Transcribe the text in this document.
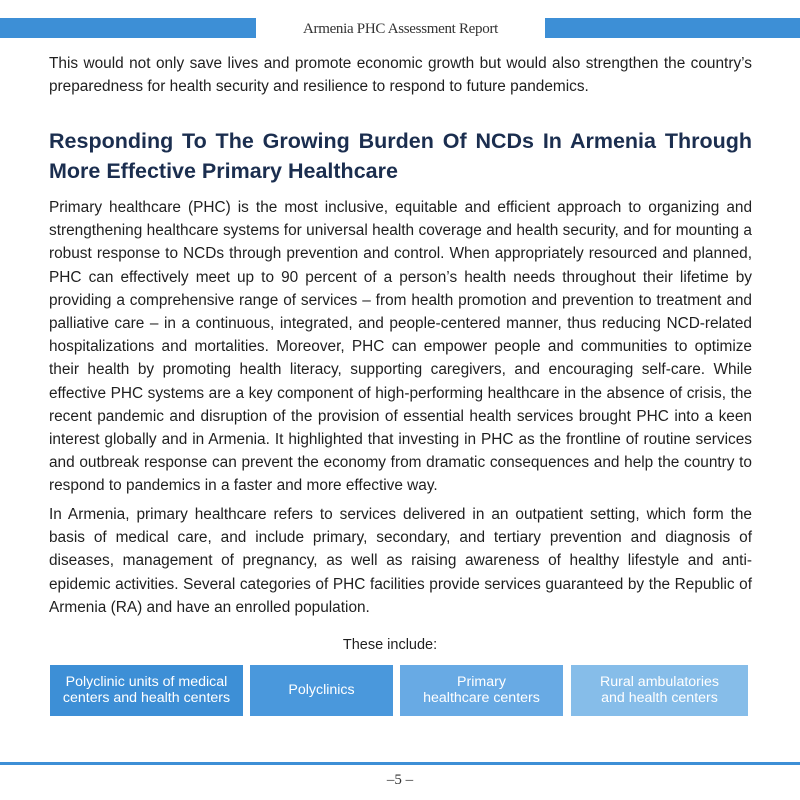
Armenia PHC Assessment Report

This would not only save lives and promote economic growth but would also strengthen the country’s preparedness for health security and resilience to respond to future pandemics.

Responding To The Growing Burden Of NCDs In Armenia Through More Effective Primary Healthcare

Primary healthcare (PHC) is the most inclusive, equitable and efficient approach to organizing and strengthening healthcare systems for universal health coverage and health security, and for mounting a robust response to NCDs through prevention and control. When appropriately resourced and planned, PHC can effectively meet up to 90 percent of a person’s health needs throughout their lifetime by providing a comprehensive range of services – from health promotion and prevention to treatment and palliative care – in a continuous, integrated, and people-centered manner, thus reducing NCD-related hospitalizations and mortalities. Moreover, PHC can empower people and communities to optimize their health by promoting health literacy, supporting caregivers, and encouraging self-care. While effective PHC systems are a key component of high-performing healthcare in the absence of crisis, the recent pandemic and disruption of the provision of essential health services brought PHC into a keen interest globally and in Armenia. It highlighted that investing in PHC as the frontline of routine services and outbreak response can prevent the economy from dramatic consequences and help the country to respond to pandemics in a faster and more effective way.

In Armenia, primary healthcare refers to services delivered in an outpatient setting, which form the basis of medical care, and include primary, secondary, and tertiary prevention and diagnosis of diseases, management of pregnancy, as well as raising awareness of healthy lifestyle and anti-epidemic activities. Several categories of PHC facilities provide services guaranteed by the Republic of Armenia (RA) and have an enrolled population.

These include:
Polyclinic units of medical
centers and health centers	Polyclinics	Primary
healthcare centers
Rural ambulatories
and health centers
–5 –
